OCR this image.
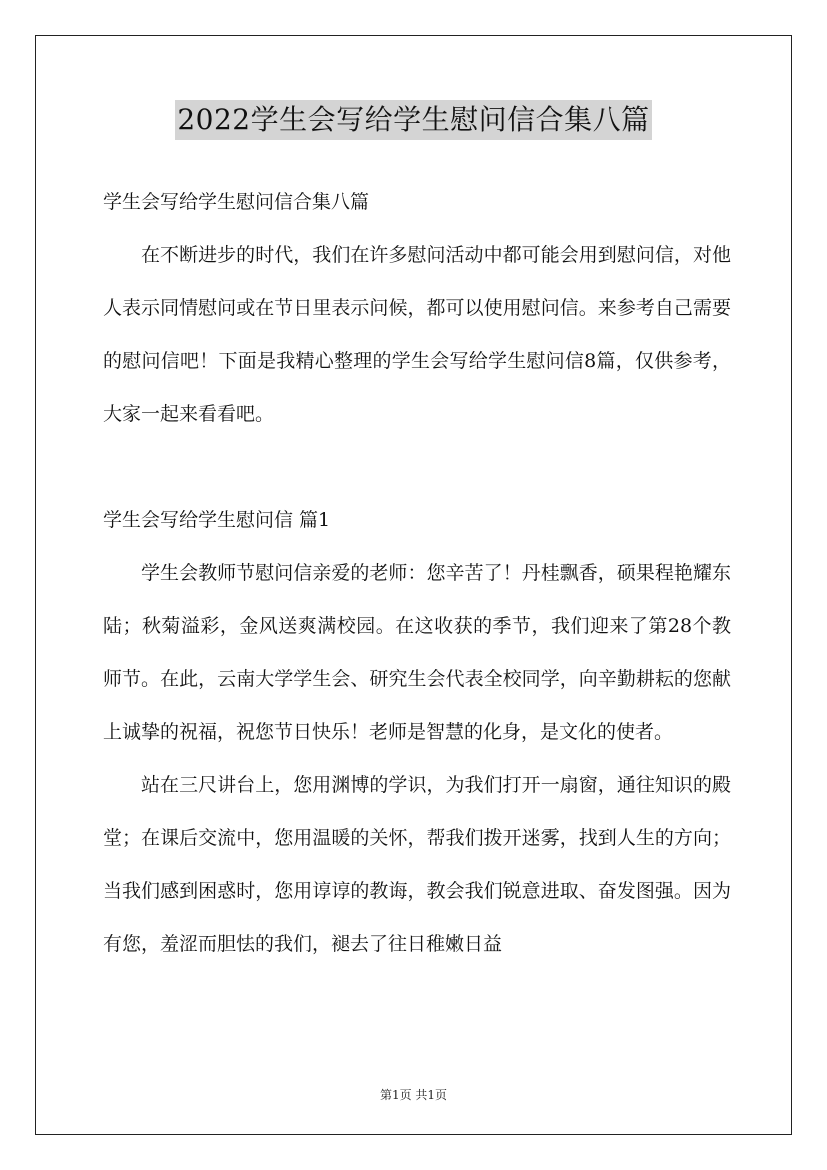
2022学生会写给学生慰问信合集八篇

学生会写给学生慰问信合集八篇

在不断进步的时代，我们在许多慰问活动中都可能会用到慰问信，对他人表示同情慰问或在节日里表示问候，都可以使用慰问信。来参考自己需要的慰问信吧！下面是我精心整理的学生会写给学生慰问信8篇，仅供参考，大家一起来看看吧。

学生会写给学生慰问信 篇1

学生会教师节慰问信亲爱的老师：您辛苦了！丹桂飘香，硕果程艳耀东陆；秋菊溢彩，金风送爽满校园。在这收获的季节，我们迎来了第28个教师节。在此，云南大学学生会、研究生会代表全校同学，向辛勤耕耘的您献上诚挚的祝福，祝您节日快乐！老师是智慧的化身，是文化的使者。

站在三尺讲台上，您用渊博的学识，为我们打开一扇窗，通往知识的殿堂；在课后交流中，您用温暖的关怀，帮我们拨开迷雾，找到人生的方向；当我们感到困惑时，您用谆谆的教诲，教会我们锐意进取、奋发图强。因为有您，羞涩而胆怯的我们，褪去了往日稚嫩日益

第1页 共1页
